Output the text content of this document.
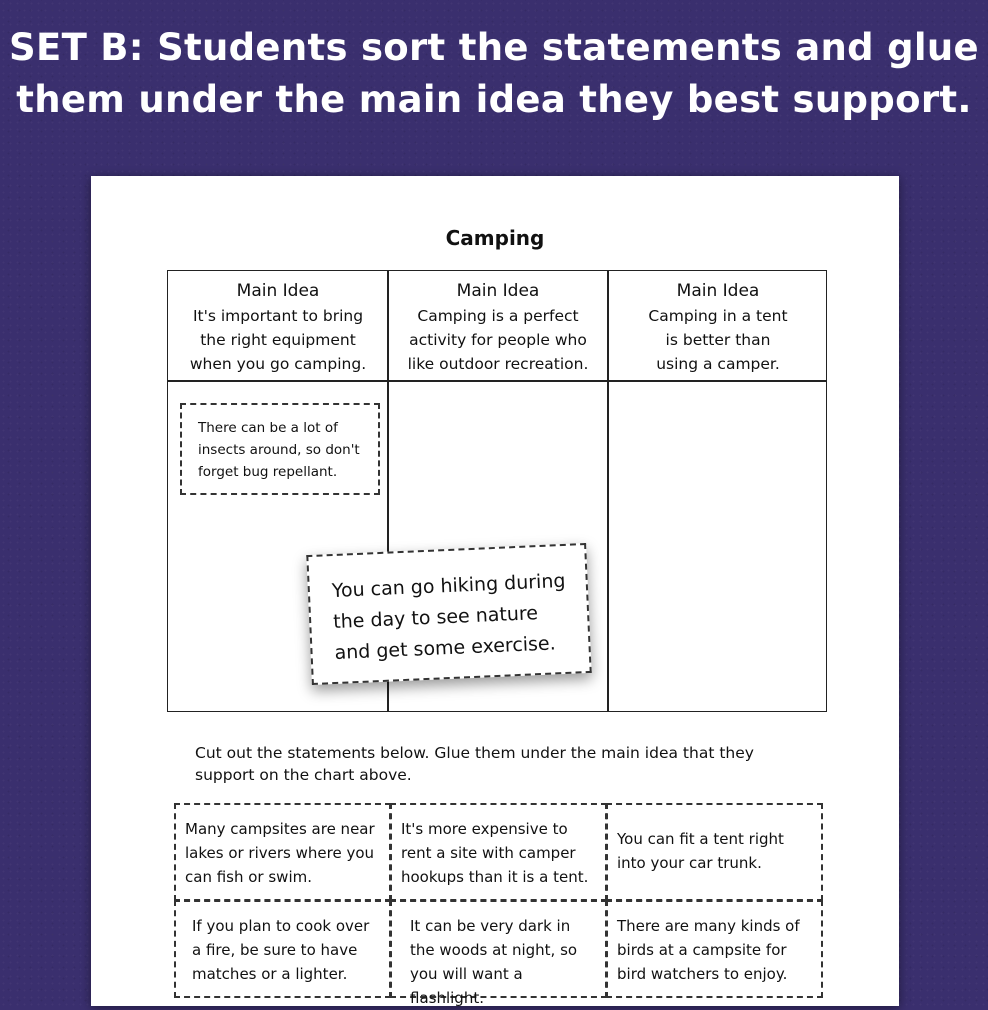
SET B: Students sort the statements and glue
them under the main idea they best support.
Camping
Main Idea
It's important to bring
the right equipment
when you go camping.
Main Idea
Camping is a perfect
activity for people who
like outdoor recreation.
Main Idea
Camping in a tent
is better than
using a camper.
There can be a lot of
insects around, so don't
forget bug repellant.
You can go hiking during
the day to see nature
and get some exercise.
Cut out the statements below. Glue them under the main idea that they
support on the chart above.
Many campsites are near
lakes or rivers where you
can fish or swim.
It's more expensive to
rent a site with camper
hookups than it is a tent.
You can fit a tent right
into your car trunk.
If you plan to cook over
a fire, be sure to have
matches or a lighter.
It can be very dark in
the woods at night, so
you will want a flashlight.
There are many kinds of
birds at a campsite for
bird watchers to enjoy.
